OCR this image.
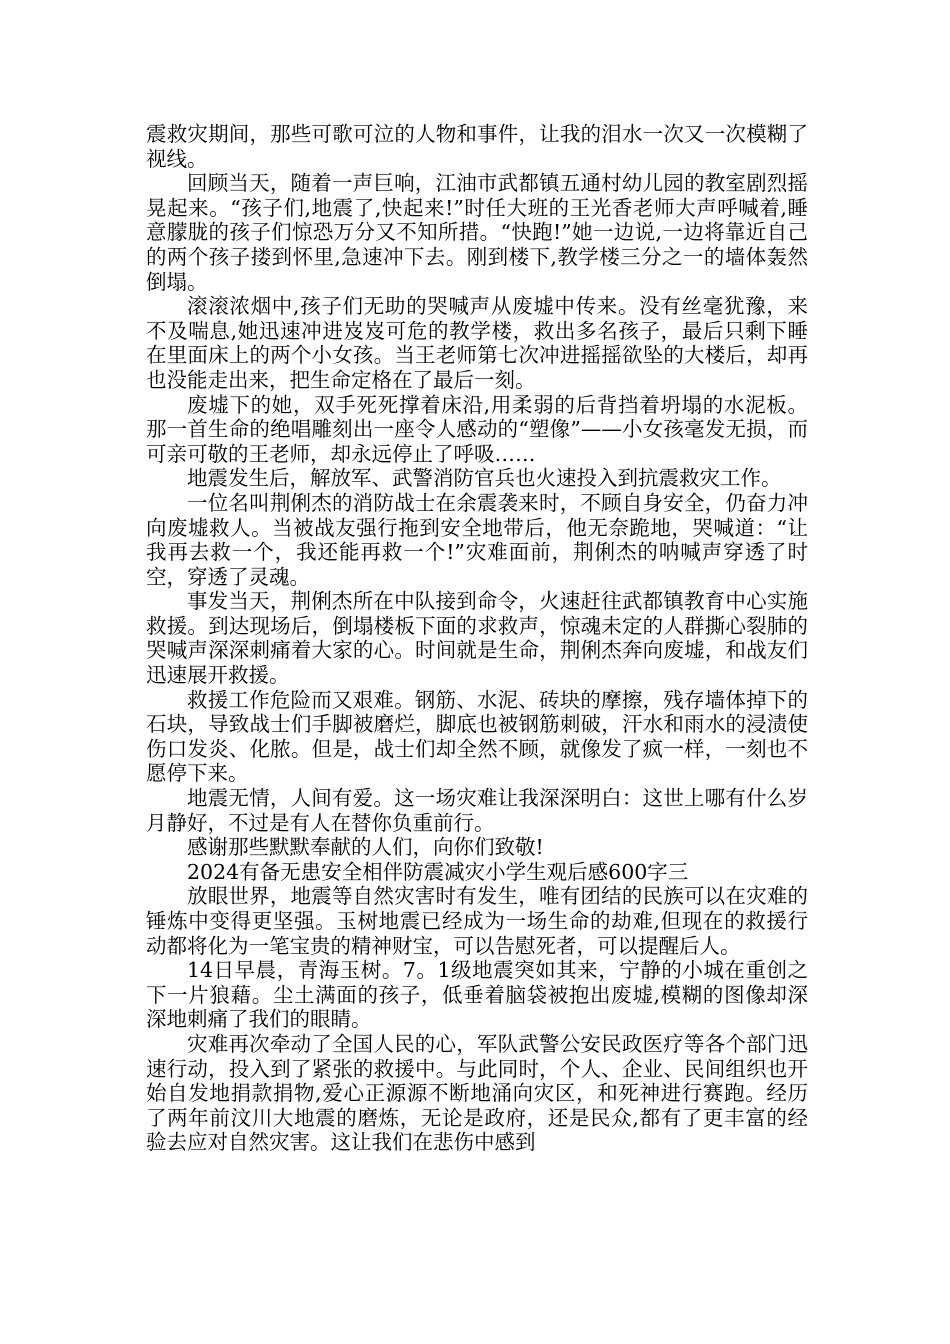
震救灾期间，那些可歌可泣的人物和事件，让我的泪水一次又一次模糊了视线。

回顾当天，随着一声巨响，江油市武都镇五通村幼儿园的教室剧烈摇晃起来。“孩子们,地震了,快起来!”时任大班的王光香老师大声呼喊着,睡意朦胧的孩子们惊恐万分又不知所措。“快跑!”她一边说,一边将靠近自己的两个孩子搂到怀里,急速冲下去。刚到楼下,教学楼三分之一的墙体轰然倒塌。

滚滚浓烟中,孩子们无助的哭喊声从废墟中传来。没有丝毫犹豫，来不及喘息,她迅速冲进岌岌可危的教学楼，救出多名孩子，最后只剩下睡在里面床上的两个小女孩。当王老师第七次冲进摇摇欲坠的大楼后，却再也没能走出来，把生命定格在了最后一刻。

废墟下的她，双手死死撑着床沿,用柔弱的后背挡着坍塌的水泥板。那一首生命的绝唱雕刻出一座令人感动的“塑像”——小女孩毫发无损，而可亲可敬的王老师，却永远停止了呼吸……

地震发生后，解放军、武警消防官兵也火速投入到抗震救灾工作。

一位名叫荆俐杰的消防战士在余震袭来时，不顾自身安全，仍奋力冲向废墟救人。当被战友强行拖到安全地带后，他无奈跪地，哭喊道：“让我再去救一个，我还能再救一个!”灾难面前，荆俐杰的呐喊声穿透了时空，穿透了灵魂。

事发当天，荆俐杰所在中队接到命令，火速赶往武都镇教育中心实施救援。到达现场后，倒塌楼板下面的求救声，惊魂未定的人群撕心裂肺的哭喊声深深刺痛着大家的心。时间就是生命，荆俐杰奔向废墟，和战友们迅速展开救援。

救援工作危险而又艰难。钢筋、水泥、砖块的摩擦，残存墙体掉下的石块，导致战士们手脚被磨烂，脚底也被钢筋刺破，汗水和雨水的浸渍使伤口发炎、化脓。但是，战士们却全然不顾，就像发了疯一样，一刻也不愿停下来。

地震无情，人间有爱。这一场灾难让我深深明白：这世上哪有什么岁月静好，不过是有人在替你负重前行。

感谢那些默默奉献的人们，向你们致敬!

2024有备无患安全相伴防震减灾小学生观后感600字三

放眼世界，地震等自然灾害时有发生，唯有团结的民族可以在灾难的锤炼中变得更坚强。玉树地震已经成为一场生命的劫难,但现在的救援行动都将化为一笔宝贵的精神财宝，可以告慰死者，可以提醒后人。

14日早晨，青海玉树。7。1级地震突如其来，宁静的小城在重创之下一片狼藉。尘土满面的孩子，低垂着脑袋被抱出废墟,模糊的图像却深深地刺痛了我们的眼睛。

灾难再次牵动了全国人民的心，军队武警公安民政医疗等各个部门迅速行动，投入到了紧张的救援中。与此同时，个人、企业、民间组织也开始自发地捐款捐物,爱心正源源不断地涌向灾区，和死神进行赛跑。经历了两年前汶川大地震的磨炼，无论是政府，还是民众,都有了更丰富的经验去应对自然灾害。这让我们在悲伤中感到
